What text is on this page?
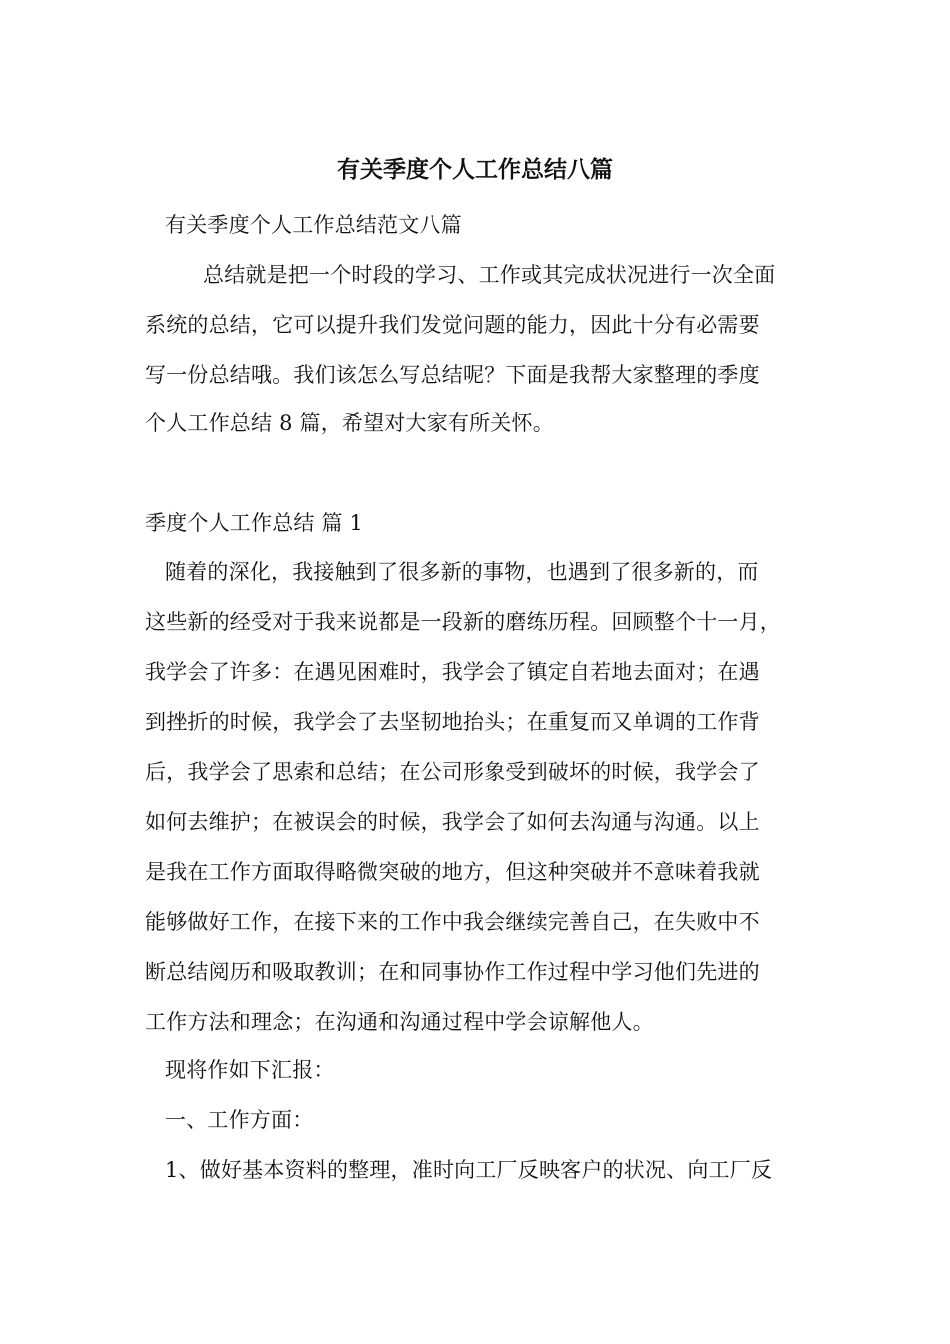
有关季度个人工作总结八篇
有关季度个人工作总结范文八篇
总结就是把一个时段的学习、工作或其完成状况进行一次全面
系统的总结，它可以提升我们发觉问题的能力，因此十分有必需要
写一份总结哦。我们该怎么写总结呢？下面是我帮大家整理的季度
个人工作总结 8 篇，希望对大家有所关怀。
季度个人工作总结 篇 1
随着的深化，我接触到了很多新的事物，也遇到了很多新的，而
这些新的经受对于我来说都是一段新的磨练历程。回顾整个十一月，
我学会了许多：在遇见困难时，我学会了镇定自若地去面对；在遇
到挫折的时候，我学会了去坚韧地抬头；在重复而又单调的工作背
后，我学会了思索和总结；在公司形象受到破坏的时候，我学会了
如何去维护；在被误会的时候，我学会了如何去沟通与沟通。以上
是我在工作方面取得略微突破的地方，但这种突破并不意味着我就
能够做好工作，在接下来的工作中我会继续完善自己，在失败中不
断总结阅历和吸取教训；在和同事协作工作过程中学习他们先进的
工作方法和理念；在沟通和沟通过程中学会谅解他人。
现将作如下汇报：
一、工作方面：
1、做好基本资料的整理，准时向工厂反映客户的状况、向工厂反
